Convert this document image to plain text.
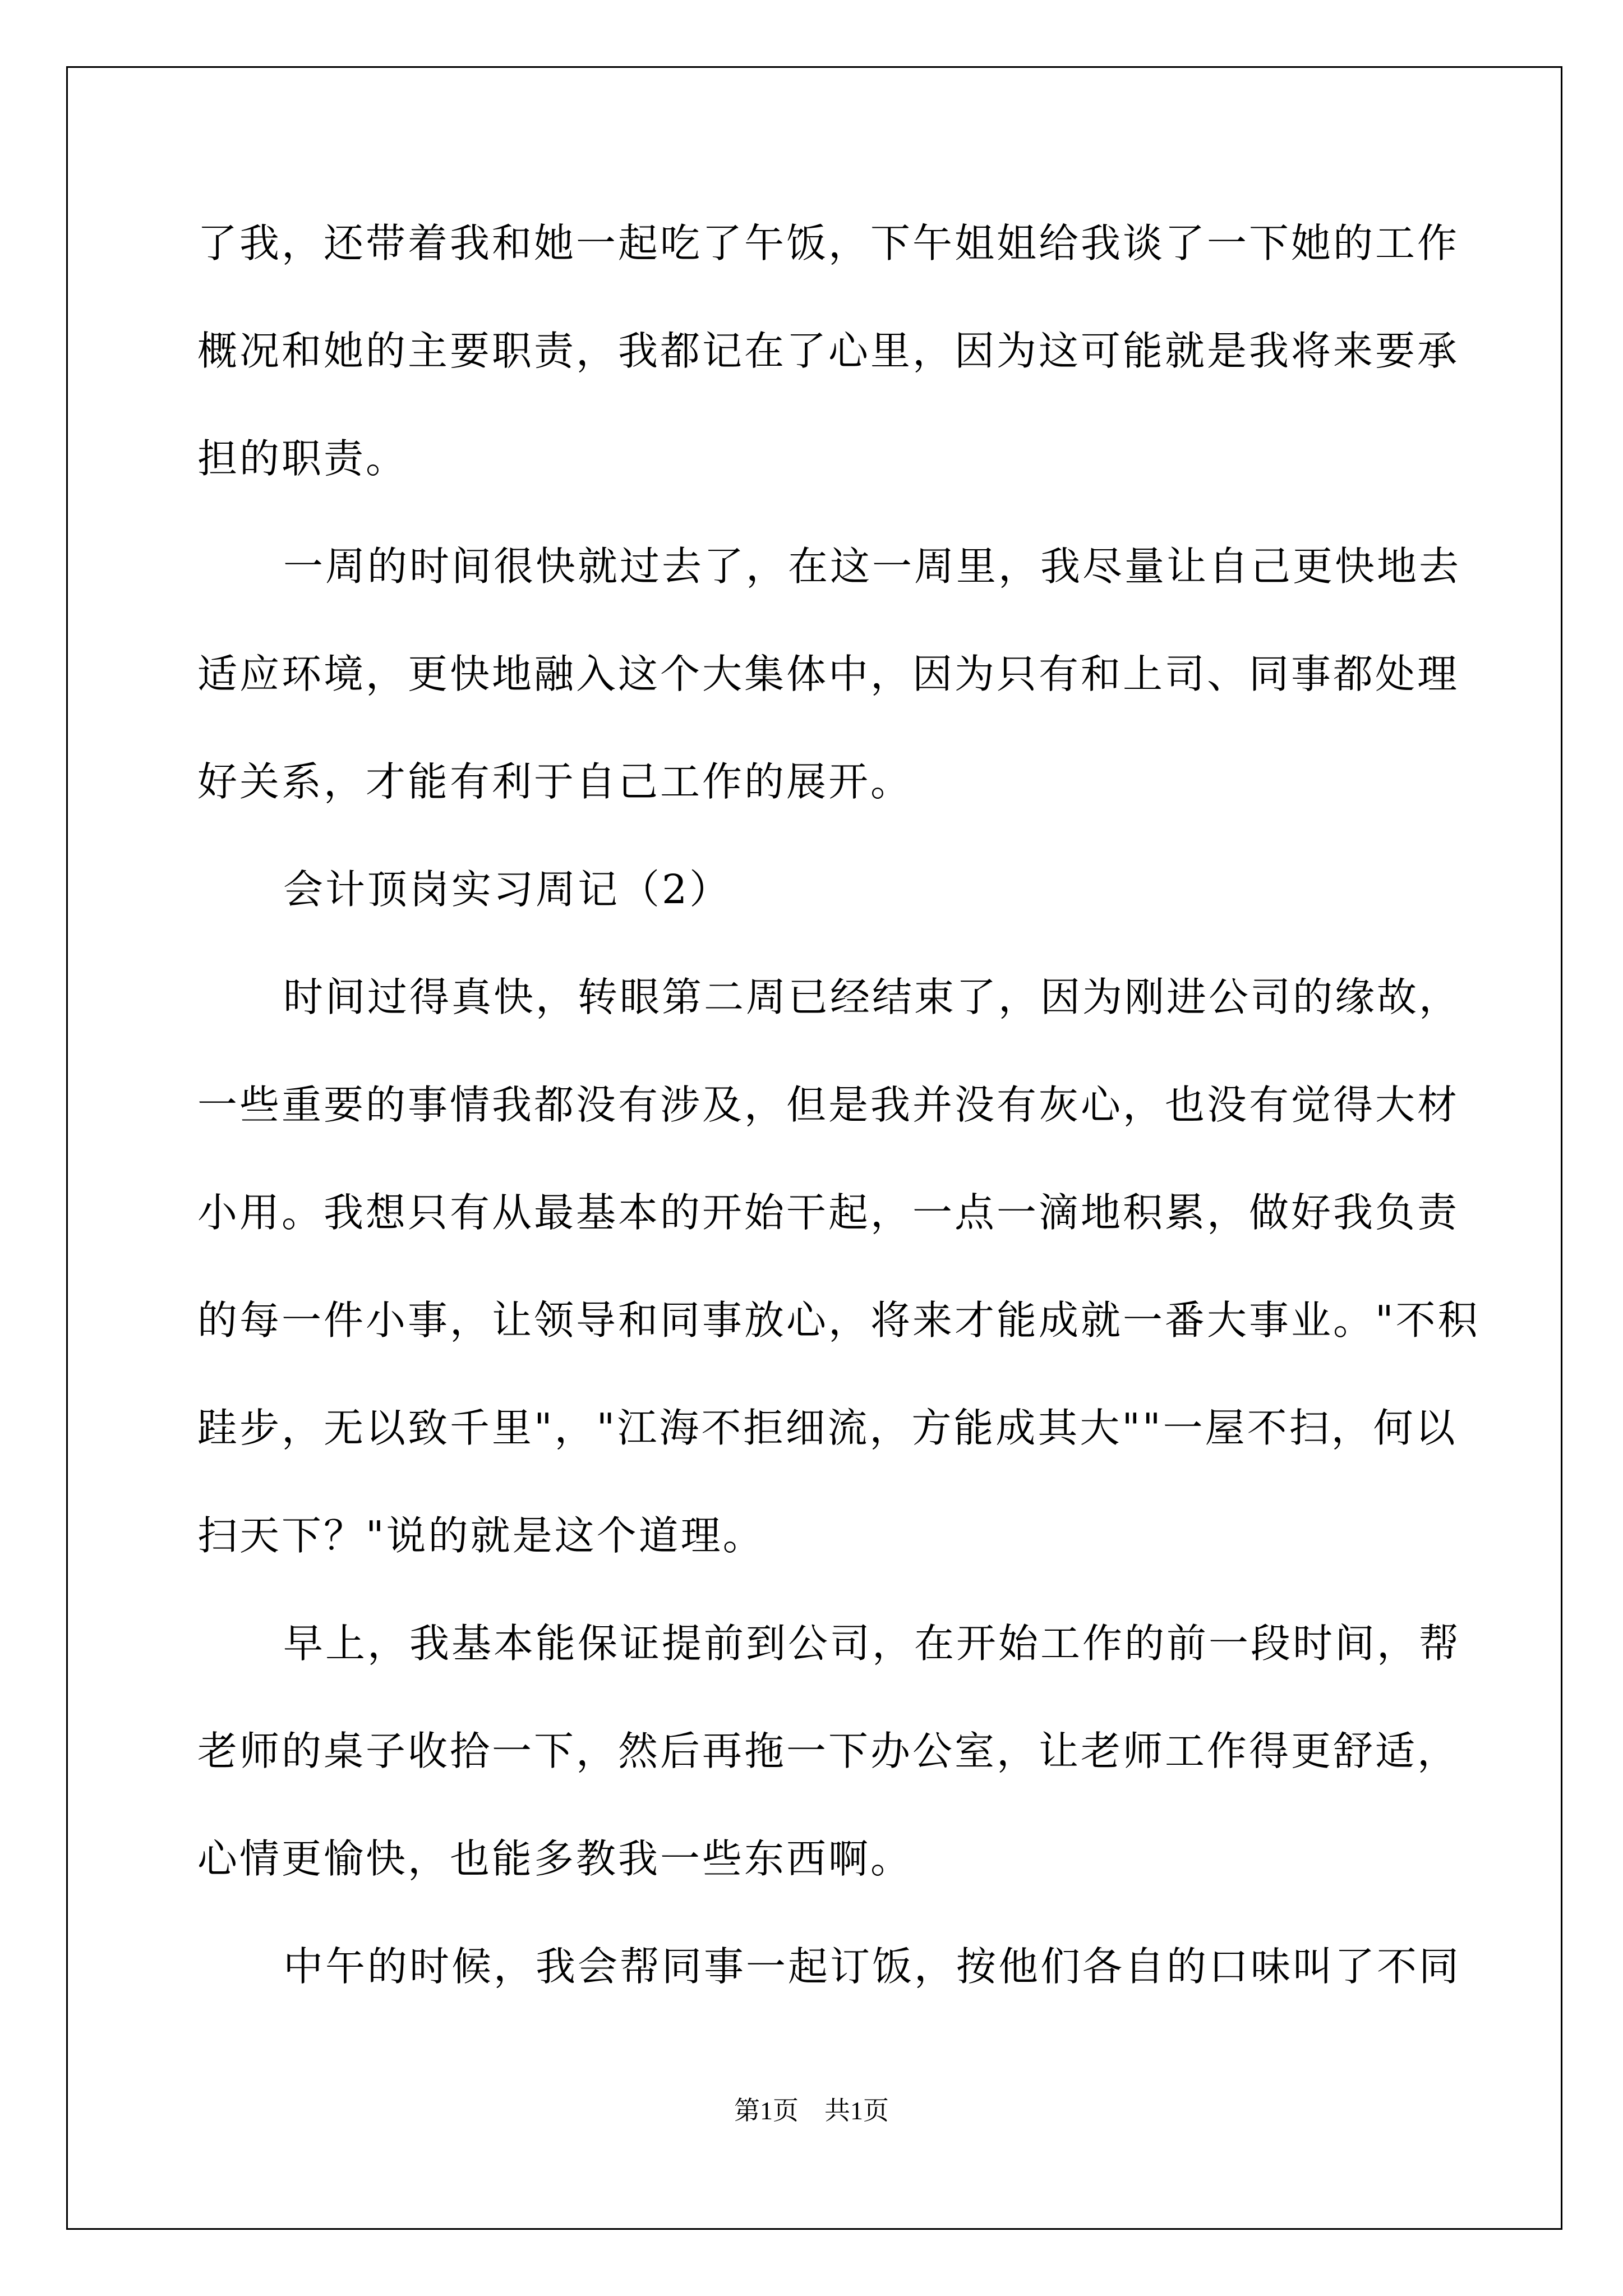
了我，还带着我和她一起吃了午饭，下午姐姐给我谈了一下她的工作

概况和她的主要职责，我都记在了心里，因为这可能就是我将来要承

担的职责。

一周的时间很快就过去了，在这一周里，我尽量让自己更快地去

适应环境，更快地融入这个大集体中，因为只有和上司、同事都处理

好关系，才能有利于自己工作的展开。

会计顶岗实习周记（2）

时间过得真快，转眼第二周已经结束了，因为刚进公司的缘故，

一些重要的事情我都没有涉及，但是我并没有灰心，也没有觉得大材

小用。我想只有从最基本的开始干起，一点一滴地积累，做好我负责

的每一件小事，让领导和同事放心，将来才能成就一番大事业。"不积

跬步，无以致千里"，"江海不拒细流，方能成其大""一屋不扫，何以

扫天下？"说的就是这个道理。

早上，我基本能保证提前到公司，在开始工作的前一段时间，帮

老师的桌子收拾一下，然后再拖一下办公室，让老师工作得更舒适，

心情更愉快，也能多教我一些东西啊。

中午的时候，我会帮同事一起订饭，按他们各自的口味叫了不同

第1页 共1页
